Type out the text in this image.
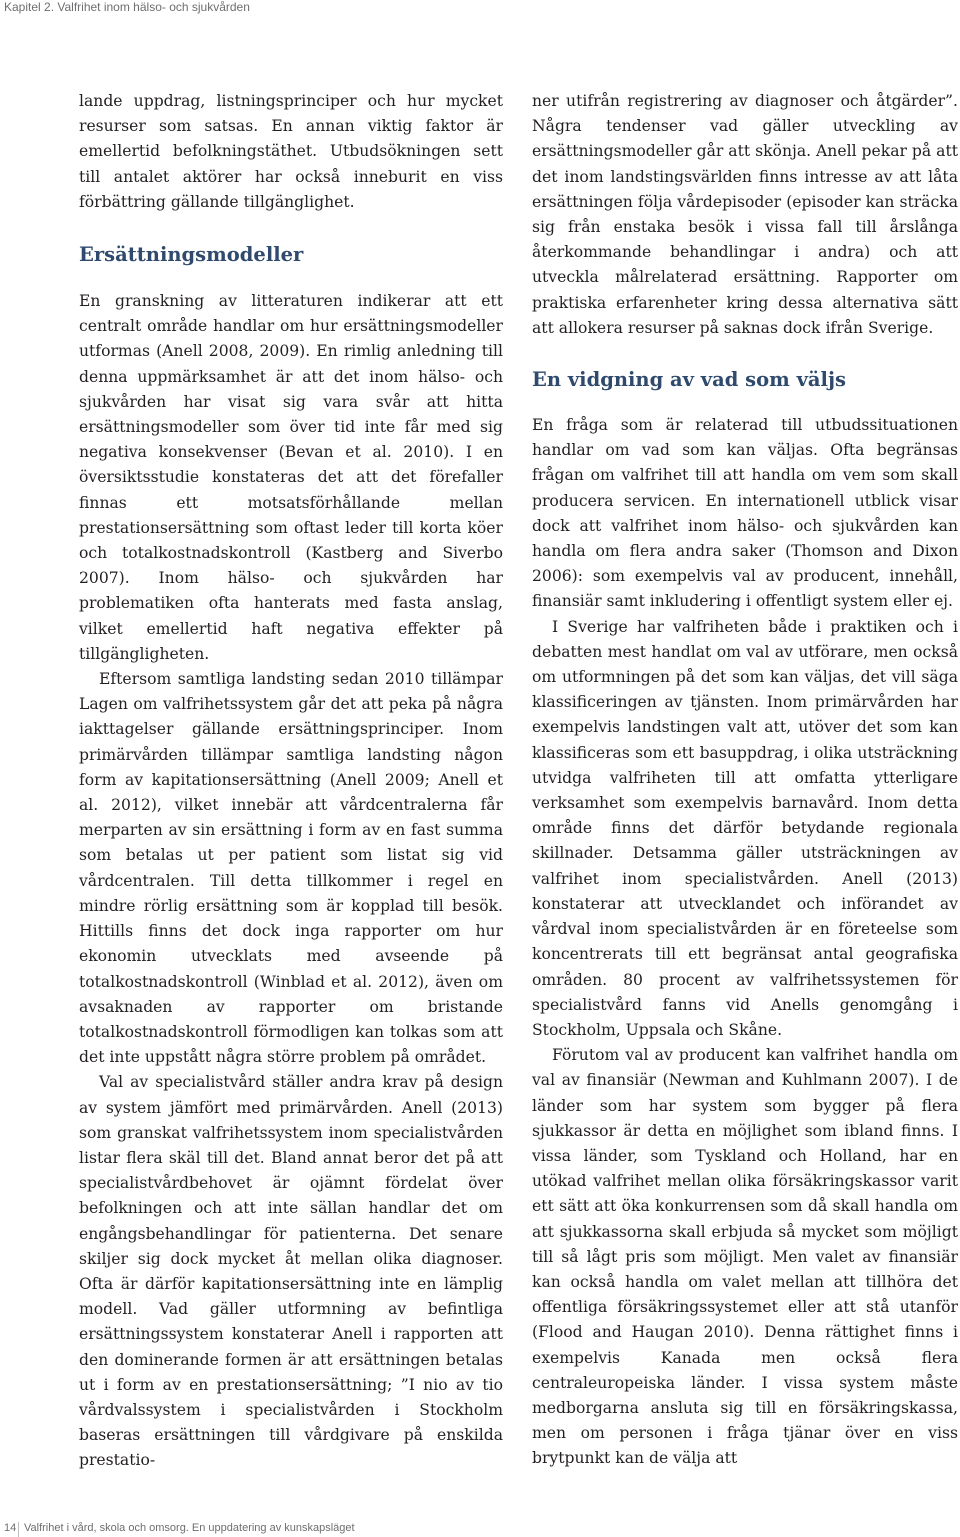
Kapitel 2. Valfrihet inom hälso- och sjukvården

lande uppdrag, listningsprinciper och hur mycket resurser som satsas. En annan viktig faktor är emellertid befolkningstäthet. Utbudsökningen sett till antalet aktörer har också inneburit en viss förbättring gällande tillgänglighet.

Ersättningsmodeller

En granskning av litteraturen indikerar att ett centralt område handlar om hur ersättningsmodeller utformas (Anell 2008, 2009). En rimlig anledning till denna uppmärksamhet är att det inom hälso- och sjukvården har visat sig vara svår att hitta ersättningsmodeller som över tid inte får med sig negativa konsekvenser (Bevan et al. 2010). I en översiktsstudie konstateras det att det förefaller finnas ett motsatsförhållande mellan prestationsersättning som oftast leder till korta köer och totalkostnadskontroll (Kastberg and Siverbo 2007). Inom hälso- och sjukvården har problematiken ofta hanterats med fasta anslag, vilket emellertid haft negativa effekter på tillgängligheten.

Eftersom samtliga landsting sedan 2010 tillämpar Lagen om valfrihetssystem går det att peka på några iakttagelser gällande ersättningsprinciper. Inom primärvården tillämpar samtliga landsting någon form av kapitationsersättning (Anell 2009; Anell et al. 2012), vilket innebär att vårdcentralerna får merparten av sin ersättning i form av en fast summa som betalas ut per patient som listat sig vid vårdcentralen. Till detta tillkommer i regel en mindre rörlig ersättning som är kopplad till besök. Hittills finns det dock inga rapporter om hur ekonomin utvecklats med avseende på totalkostnadskontroll (Winblad et al. 2012), även om avsaknaden av rapporter om bristande totalkostnadskontroll förmodligen kan tolkas som att det inte uppstått några större problem på området.

Val av specialistvård ställer andra krav på design av system jämfört med primärvården. Anell (2013) som granskat valfrihetssystem inom specialistvården listar flera skäl till det. Bland annat beror det på att specialistvårdbehovet är ojämnt fördelat över befolkningen och att inte sällan handlar det om engångsbehandlingar för patienterna. Det senare skiljer sig dock mycket åt mellan olika diagnoser. Ofta är därför kapitationsersättning inte en lämplig modell. Vad gäller utformning av befintliga ersättningssystem konstaterar Anell i rapporten att den dominerande formen är att ersättningen betalas ut i form av en prestationsersättning; ”I nio av tio vårdvalssystem i specialistvården i Stockholm baseras ersättningen till vårdgivare på enskilda prestatio-

ner utifrån registrering av diagnoser och åtgärder”. Några tendenser vad gäller utveckling av ersättningsmodeller går att skönja. Anell pekar på att det inom landstingsvärlden finns intresse av att låta ersättningen följa vårdepisoder (episoder kan sträcka sig från enstaka besök i vissa fall till årslånga återkommande behandlingar i andra) och att utveckla målrelaterad ersättning. Rapporter om praktiska erfarenheter kring dessa alternativa sätt att allokera resurser på saknas dock ifrån Sverige.

En vidgning av vad som väljs

En fråga som är relaterad till utbudssituationen handlar om vad som kan väljas. Ofta begränsas frågan om valfrihet till att handla om vem som skall producera servicen. En internationell utblick visar dock att valfrihet inom hälso- och sjukvården kan handla om flera andra saker (Thomson and Dixon 2006): som exempelvis val av producent, innehåll, finansiär samt inkludering i offentligt system eller ej.

I Sverige har valfriheten både i praktiken och i debatten mest handlat om val av utförare, men också om utformningen på det som kan väljas, det vill säga klassificeringen av tjänsten. Inom primärvården har exempelvis landstingen valt att, utöver det som kan klassificeras som ett basuppdrag, i olika utsträckning utvidga valfriheten till att omfatta ytterligare verksamhet som exempelvis barnavård. Inom detta område finns det därför betydande regionala skillnader. Detsamma gäller utsträckningen av valfrihet inom specialistvården. Anell (2013) konstaterar att utvecklandet och införandet av vårdval inom specialistvården är en företeelse som koncentrerats till ett begränsat antal geografiska områden. 80 procent av valfrihetssystemen för specialistvård fanns vid Anells genomgång i Stockholm, Uppsala och Skåne.

Förutom val av producent kan valfrihet handla om val av finansiär (Newman and Kuhlmann 2007). I de länder som har system som bygger på flera sjukkassor är detta en möjlighet som ibland finns. I vissa länder, som Tyskland och Holland, har en utökad valfrihet mellan olika försäkringskassor varit ett sätt att öka konkurrensen som då skall handla om att sjukkassorna skall erbjuda så mycket som möjligt till så lågt pris som möjligt. Men valet av finansiär kan också handla om valet mellan att tillhöra det offentliga försäkringssystemet eller att stå utanför (Flood and Haugan 2010). Denna rättighet finns i exempelvis Kanada men också flera centraleuropeiska länder. I vissa system måste medborgarna ansluta sig till en försäkringskassa, men om personen i fråga tjänar över en viss brytpunkt kan de välja att

14 Valfrihet i vård, skola och omsorg. En uppdatering av kunskapsläget
